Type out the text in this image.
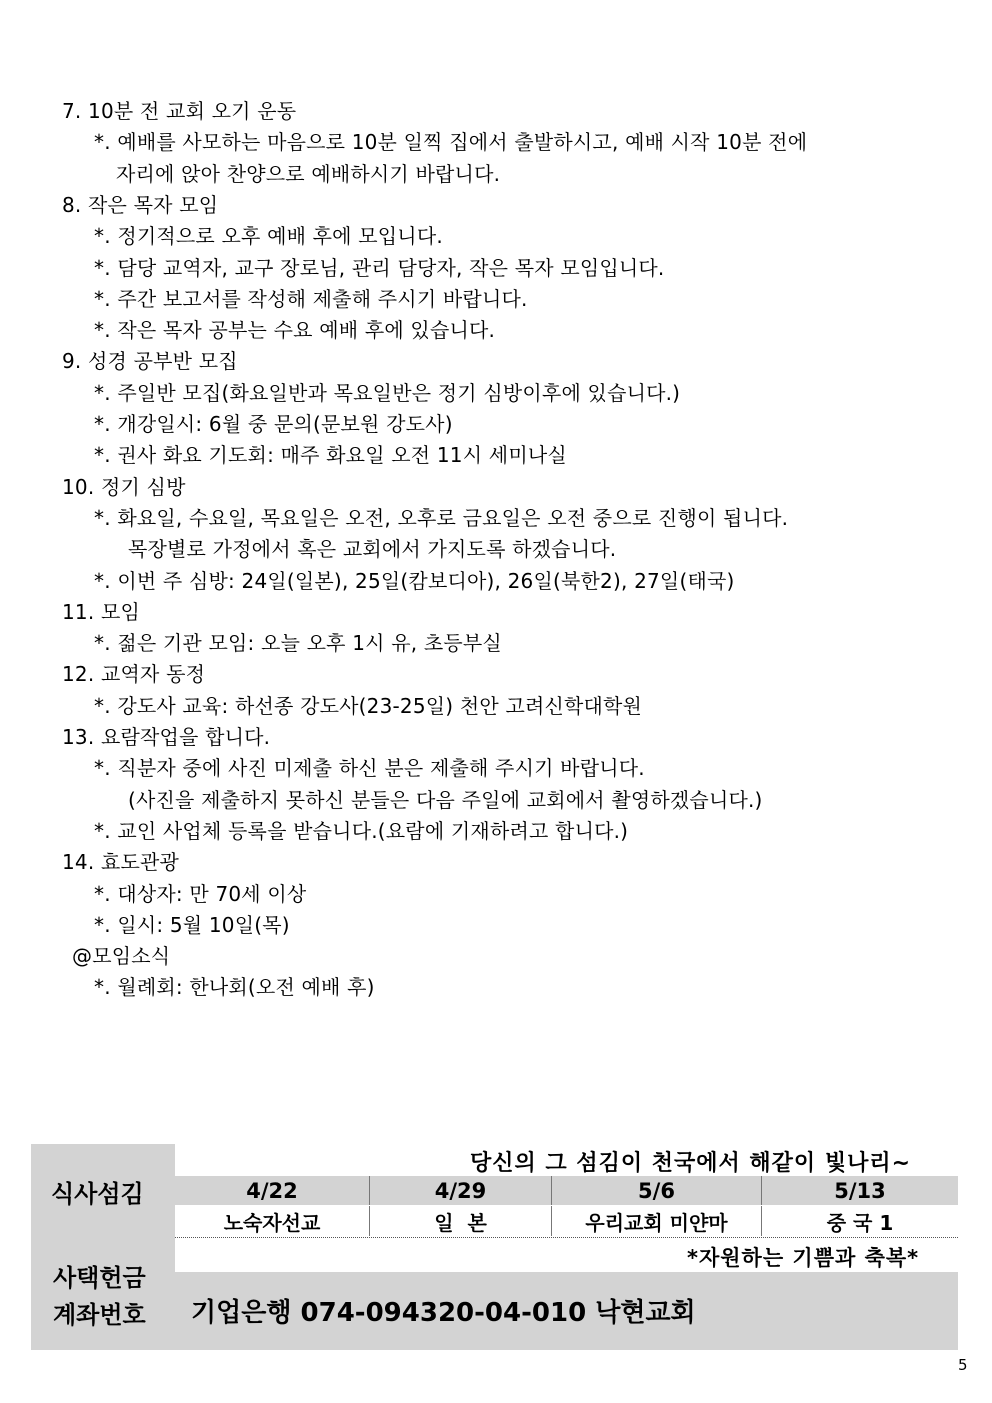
7. 10분 전 교회 오기 운동
*. 예배를 사모하는 마음으로 10분 일찍 집에서 출발하시고, 예배 시작 10분 전에
자리에 앉아 찬양으로 예배하시기 바랍니다.
8. 작은 목자 모임
*. 정기적으로 오후 예배 후에 모입니다.
*. 담당 교역자, 교구 장로님, 관리 담당자, 작은 목자 모임입니다.
*. 주간 보고서를 작성해 제출해 주시기 바랍니다.
*. 작은 목자 공부는 수요 예배 후에 있습니다.
9. 성경 공부반 모집
*. 주일반 모집(화요일반과 목요일반은 정기 심방이후에 있습니다.)
*. 개강일시: 6월 중 문의(문보원 강도사)
*. 권사 화요 기도회: 매주 화요일 오전 11시 세미나실
10. 정기 심방
*. 화요일, 수요일, 목요일은 오전, 오후로 금요일은 오전 중으로 진행이 됩니다.
목장별로 가정에서 혹은 교회에서 가지도록 하겠습니다.
*. 이번 주 심방: 24일(일본), 25일(캄보디아), 26일(북한2), 27일(태국)
11. 모임
*. 젊은 기관 모임: 오늘 오후 1시 유, 초등부실
12. 교역자 동정
*. 강도사 교육: 하선종 강도사(23-25일) 천안 고려신학대학원
13. 요람작업을 합니다.
*. 직분자 중에 사진 미제출 하신 분은 제출해 주시기 바랍니다.
(사진을 제출하지 못하신 분들은 다음 주일에 교회에서 촬영하겠습니다.)
*. 교인 사업체 등록을 받습니다.(요람에 기재하려고 합니다.)
14. 효도관광
*. 대상자: 만 70세 이상
*. 일시: 5월 10일(목)
@모임소식
*. 월례회: 한나회(오전 예배 후)
식사섬김
당신의 그 섬김이 천국에서 해같이 빛나리~
4/22	4/29	5/6	5/13
노숙자선교	일  본	우리교회 미얀마	중 국 1
사택헌금
*자원하는 기쁨과 축복*
계좌번호 기업은행 074-094320-04-010 낙현교회
5
